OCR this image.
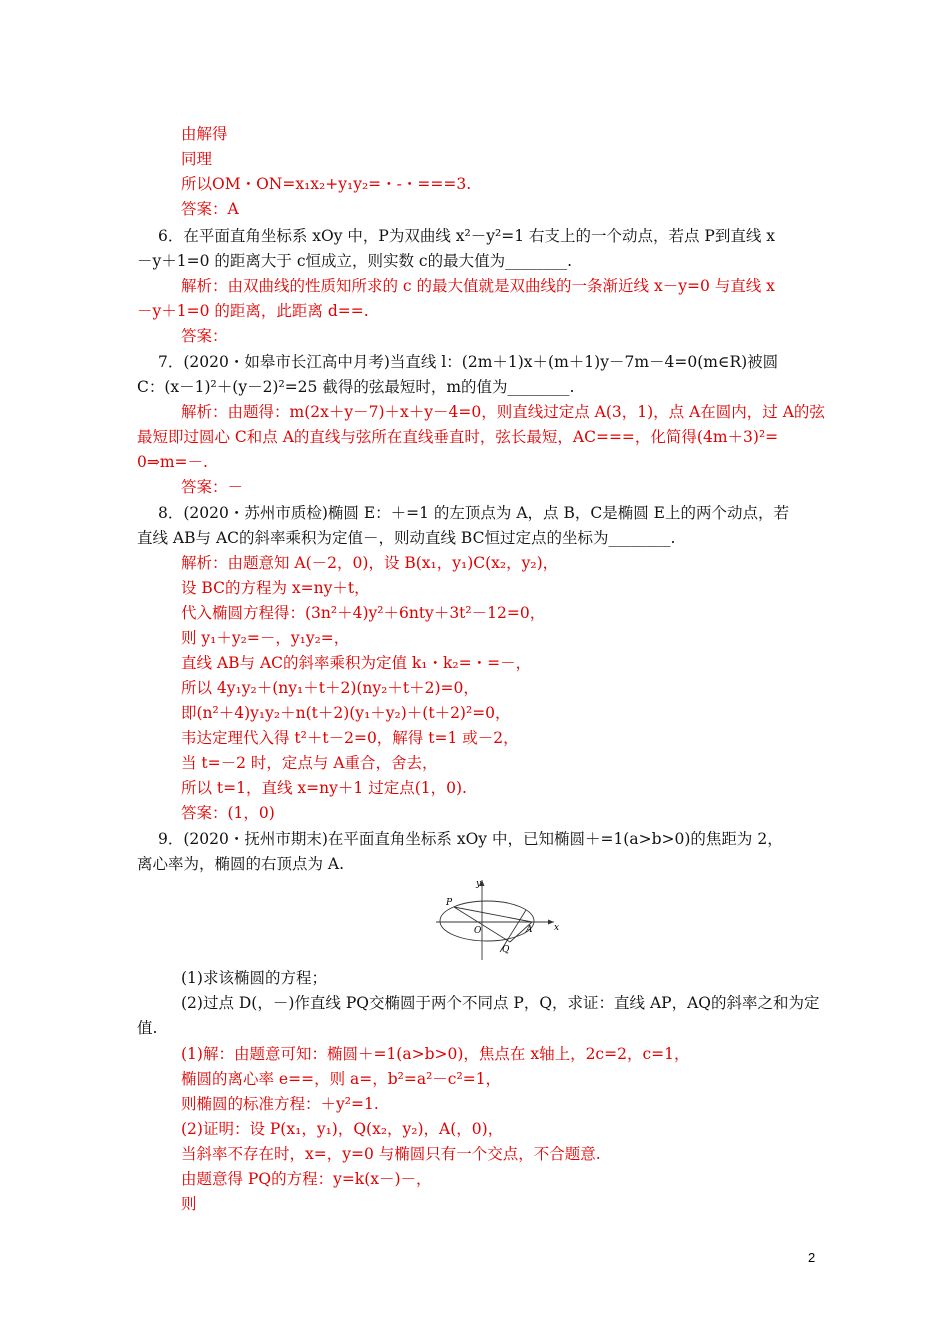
由解得
同理
所以OM・ON=x₁x₂+y₁y₂=・-・===3.
答案：A
6．在平面直角坐标系 xOy 中，P为双曲线 x²－y²=1 右支上的一个动点，若点 P到直线 x
－y＋1=0 的距离大于 c恒成立，则实数 c的最大值为________.
解析：由双曲线的性质知所求的 c 的最大值就是双曲线的一条渐近线 x－y=0 与直线 x
－y＋1=0 的距离，此距离 d==.
答案：
7．(2020・如皋市长江高中月考)当直线 l：(2m＋1)x＋(m＋1)y－7m－4=0(m∈R)被圆
C：(x－1)²＋(y－2)²=25 截得的弦最短时，m的值为________.
解析：由题得：m(2x＋y－7)＋x＋y－4=0，则直线过定点 A(3，1)，点 A在圆内，过 A的弦
最短即过圆心 C和点 A的直线与弦所在直线垂直时，弦长最短，AC===，化简得(4m＋3)²=
0⇒m=－.
答案：－
8．(2020・苏州市质检)椭圆 E：＋=1 的左顶点为 A，点 B，C是椭圆 E上的两个动点，若
直线 AB与 AC的斜率乘积为定值－，则动直线 BC恒过定点的坐标为________.
解析：由题意知 A(－2，0)，设 B(x₁，y₁)C(x₂，y₂)，
设 BC的方程为 x=ny＋t，
代入椭圆方程得：(3n²＋4)y²＋6nty＋3t²－12=0，
则 y₁＋y₂=－，y₁y₂=，
直线 AB与 AC的斜率乘积为定值 k₁・k₂=・=－，
所以 4y₁y₂＋(ny₁＋t＋2)(ny₂＋t＋2)=0，
即(n²＋4)y₁y₂＋n(t＋2)(y₁＋y₂)＋(t＋2)²=0，
韦达定理代入得 t²＋t－2=0，解得 t=1 或－2，
当 t=－2 时，定点与 A重合，舍去，
所以 t=1，直线 x=ny＋1 过定点(1，0).
答案：(1，0)
9．(2020・抚州市期末)在平面直角坐标系 xOy 中，已知椭圆＋=1(a>b>0)的焦距为 2，
离心率为，椭圆的右顶点为 A.
(1)求该椭圆的方程；
(2)过点 D(，－)作直线 PQ交椭圆于两个不同点 P，Q，求证：直线 AP，AQ的斜率之和为定
值.
(1)解：由题意可知：椭圆＋=1(a>b>0)，焦点在 x轴上，2c=2，c=1，
椭圆的离心率 e==，则 a=，b²=a²－c²=1，
则椭圆的标准方程：＋y²=1.
(2)证明：设 P(x₁，y₁)，Q(x₂，y₂)，A(，0)，
当斜率不存在时，x=，y=0 与椭圆只有一个交点，不合题意.
由题意得 PQ的方程：y=k(x－)－，
则
y
P
O	A x
Q
2
